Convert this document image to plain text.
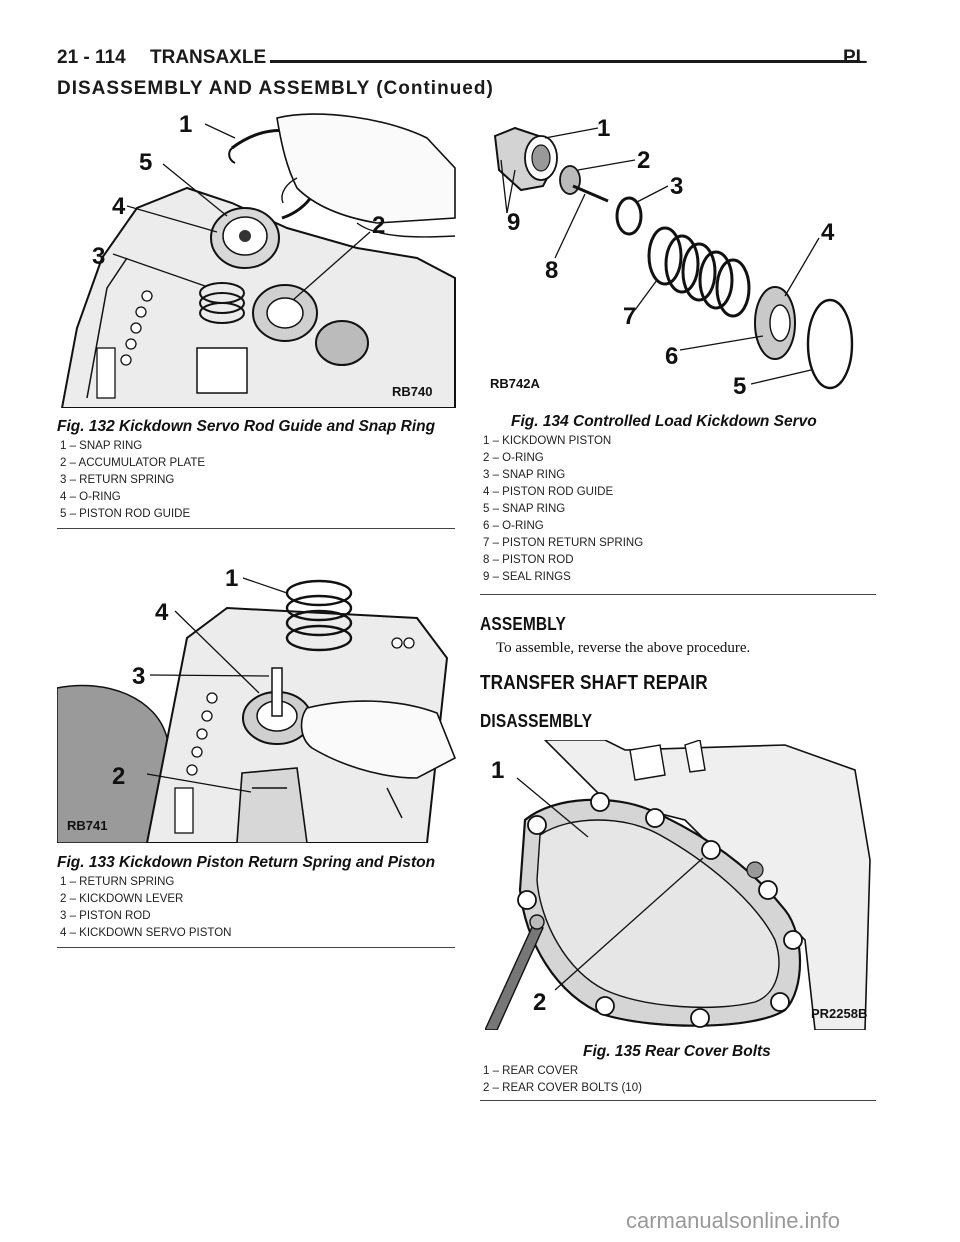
21 - 114 TRANSAXLE	PL
DISASSEMBLY AND ASSEMBLY (Continued)
1
5
4
3
2
RB740
Fig. 132 Kickdown Servo Rod Guide and Snap Ring
1 – SNAP RING
2 – ACCUMULATOR PLATE
3 – RETURN SPRING
4 – O-RING
5 – PISTON ROD GUIDE
1
4
3
2
RB741
Fig. 133 Kickdown Piston Return Spring and Piston
1 – RETURN SPRING
2 – KICKDOWN LEVER
3 – PISTON ROD
4 – KICKDOWN SERVO PISTON
1
2
3
9
8
4
7
6
5
RB742A
Fig. 134 Controlled Load Kickdown Servo
1 – KICKDOWN PISTON
2 – O-RING
3 – SNAP RING
4 – PISTON ROD GUIDE
5 – SNAP RING
6 – O-RING
7 – PISTON RETURN SPRING
8 – PISTON ROD
9 – SEAL RINGS
ASSEMBLY
To assemble, reverse the above procedure.
TRANSFER SHAFT REPAIR
DISASSEMBLY
1
2	PR2258B
Fig. 135 Rear Cover Bolts
1 – REAR COVER
2 – REAR COVER BOLTS (10)
carmanualsonline.info
